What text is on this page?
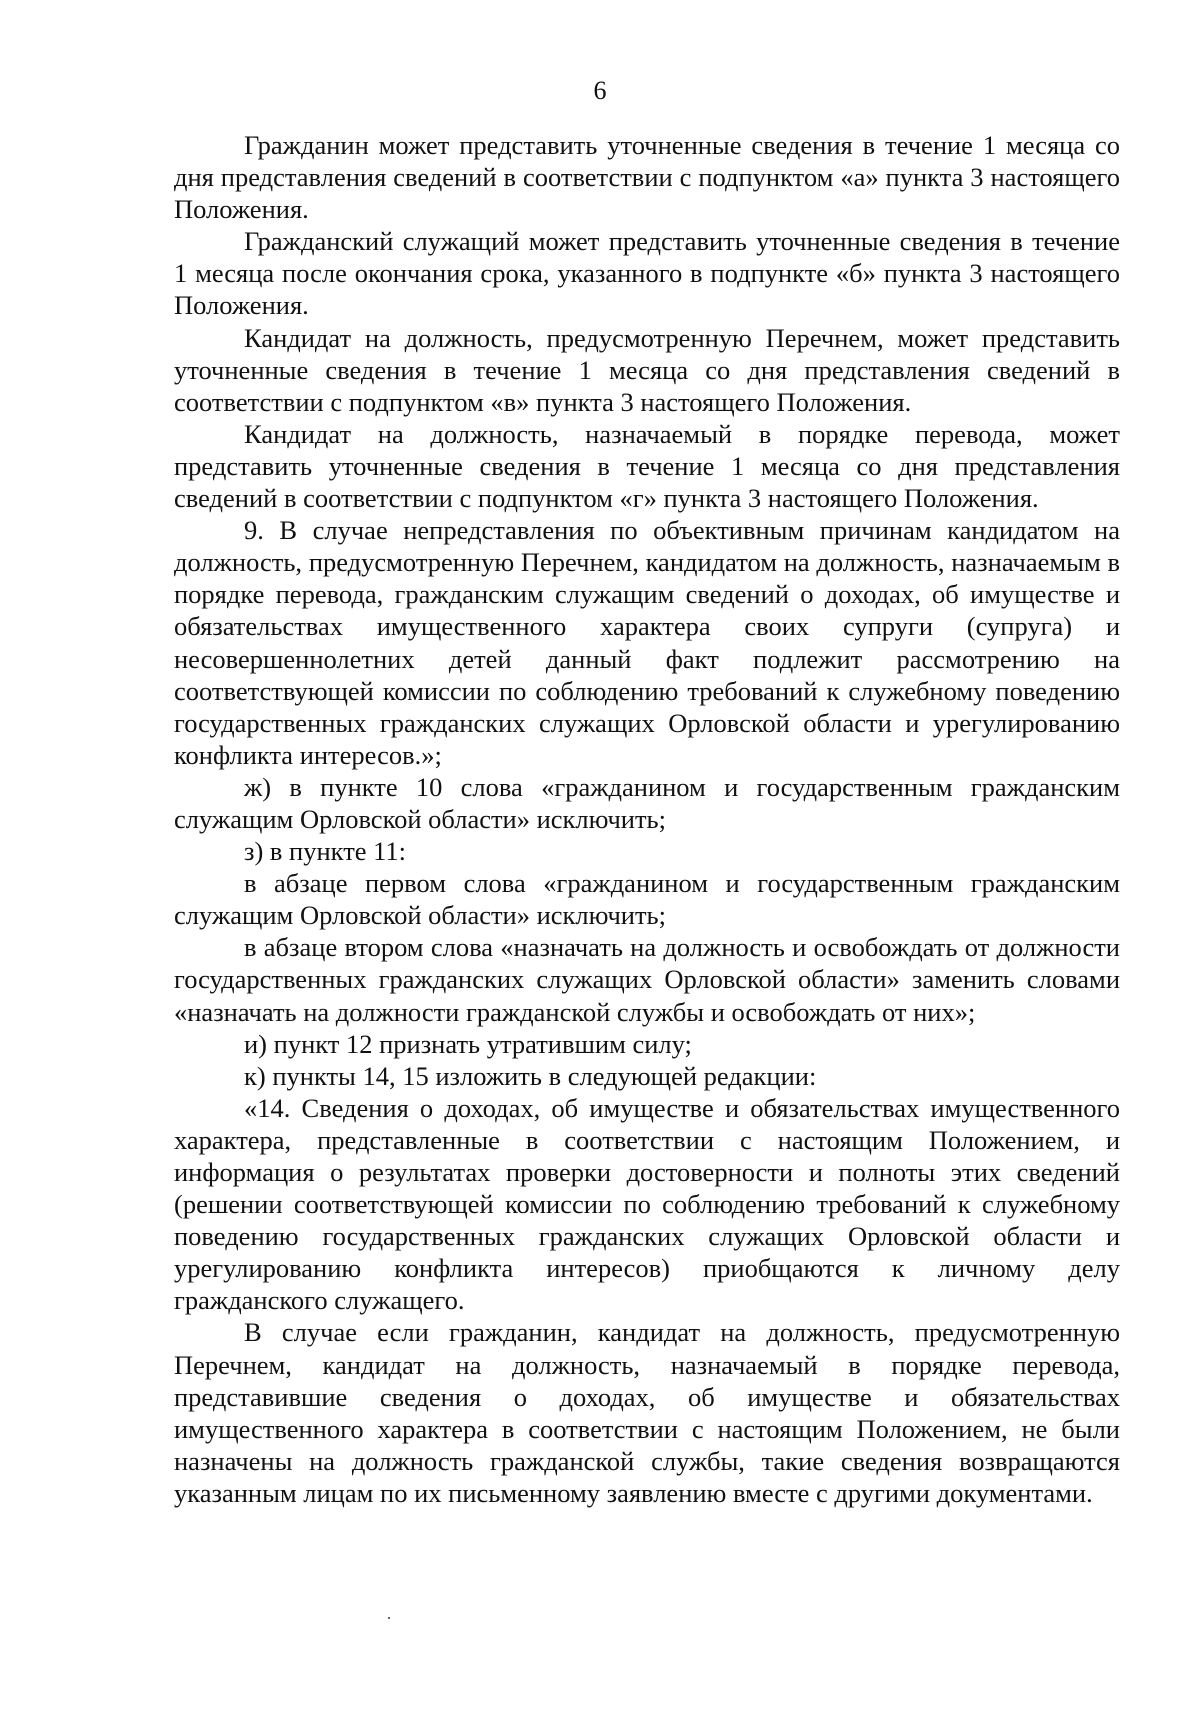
6

Гражданин может представить уточненные сведения в течение 1 месяца со дня представления сведений в соответствии с подпунктом «а» пункта 3 настоящего Положения.

Гражданский служащий может представить уточненные сведения в течение 1 месяца после окончания срока, указанного в подпункте «б» пункта 3 настоящего Положения.

Кандидат на должность, предусмотренную Перечнем, может представить уточненные сведения в течение 1 месяца со дня представления сведений в соответствии с подпунктом «в» пункта 3 настоящего Положения.

Кандидат на должность, назначаемый в порядке перевода, может представить уточненные сведения в течение 1 месяца со дня представления сведений в соответствии с подпунктом «г» пункта 3 настоящего Положения.

9. В случае непредставления по объективным причинам кандидатом на должность, предусмотренную Перечнем, кандидатом на должность, назначаемым в порядке перевода, гражданским служащим сведений о доходах, об имуществе и обязательствах имущественного характера своих супруги (супруга) и несовершеннолетних детей данный факт подлежит рассмотрению на соответствующей комиссии по соблюдению требований к служебному поведению государственных гражданских служащих Орловской области и урегулированию конфликта интересов.»;

ж) в пункте 10 слова «гражданином и государственным гражданским служащим Орловской области» исключить;

з) в пункте 11:

в абзаце первом слова «гражданином и государственным гражданским служащим Орловской области» исключить;

в абзаце втором слова «назначать на должность и освобождать от должности государственных гражданских служащих Орловской области» заменить словами «назначать на должности гражданской службы и освобождать от них»;

и) пункт 12 признать утратившим силу;

к) пункты 14, 15 изложить в следующей редакции:

«14. Сведения о доходах, об имуществе и обязательствах имущественного характера, представленные в соответствии с настоящим Положением, и информация о результатах проверки достоверности и полноты этих сведений (решении соответствующей комиссии по соблюдению требований к служебному поведению государственных гражданских служащих Орловской области и урегулированию конфликта интересов) приобщаются к личному делу гражданского служащего.

В случае если гражданин, кандидат на должность, предусмотренную Перечнем, кандидат на должность, назначаемый в порядке перевода, представившие сведения о доходах, об имуществе и обязательствах имущественного характера в соответствии с настоящим Положением, не были назначены на должность гражданской службы, такие сведения возвращаются указанным лицам по их письменному заявлению вместе с другими документами.
